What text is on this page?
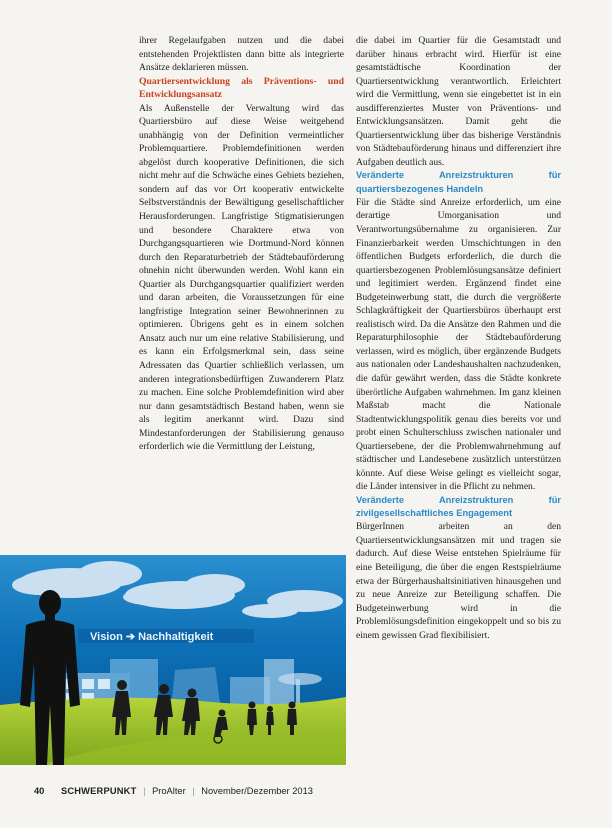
ihrer Regelaufgaben nutzen und die dabei entstehenden Projektlisten dann bitte als integrierte Ansätze deklarieren müssen.

Quartiersentwicklung als Präventions- und Entwicklungsansatz

Als Außenstelle der Verwaltung wird das Quartiersbüro auf diese Weise weitgehend unabhängig von der Definition vermeintlicher Problemquartiere. Problemdefinitionen werden abgelöst durch kooperative Definitionen, die sich nicht mehr auf die Schwäche eines Gebiets beziehen, sondern auf das vor Ort kooperativ entwickelte Selbstverständnis der Bewältigung gesellschaftlicher Herausforderungen. Langfristige Stigmatisierungen und besondere Charaktere etwa von Durchgangsquartieren wie Dortmund-Nord können durch den Reparaturbetrieb der Städtebauförderung ohnehin nicht überwunden werden. Wohl kann ein Quartier als Durchgangsquartier qualifiziert werden und daran arbeiten, die Voraussetzungen für eine langfristige Integration seiner Bewohnerinnen zu optimieren. Übrigens geht es in einem solchen Ansatz auch nur um eine relative Stabilisierung, und es kann ein Erfolgsmerkmal sein, dass seine Adressaten das Quartier schließlich verlassen, um anderen integrationsbedürftigen Zuwanderern Platz zu machen. Eine solche Problemdefinition wird aber nur dann gesamtstädtisch Bestand haben, wenn sie als legitim anerkannt wird. Dazu sind Mindestanforderungen der Stabilisierung genauso erforderlich wie die Vermittlung der Leistung,

die dabei im Quartier für die Gesamtstadt und darüber hinaus erbracht wird. Hierfür ist eine gesamtstädtische Koordination der Quartiersentwicklung verantwortlich. Erleichtert wird die Vermittlung, wenn sie eingebettet ist in ein ausdifferenziertes Muster von Präventions- und Entwicklungsansätzen. Damit geht die Quartiersentwicklung über das bisherige Verständnis von Städtebauförderung hinaus und differenziert ihre Aufgaben deutlich aus.

Veränderte Anreizstrukturen für quartiersbezogenes Handeln

Für die Städte sind Anreize erforderlich, um eine derartige Umorganisation und Verantwortungsübernahme zu organisieren. Zur Finanzierbarkeit werden Umschichtungen in den öffentlichen Budgets erforderlich, die durch die quartiersbezogenen Problemlösungsansätze definiert und legitimiert werden. Ergänzend findet eine Budgeteinwerbung statt, die durch die vergrößerte Schlagkräftigkeit der Quartiersbüros überhaupt erst realistisch wird. Da die Ansätze den Rahmen und die Reparaturphilosophie der Städtebauförderung verlassen, wird es möglich, über ergänzende Budgets aus nationalen oder Landeshaushalten nachzudenken, die dafür gewährt werden, dass die Städte konkrete überörtliche Aufgaben wahrnehmen. Im ganz kleinen Maßstab macht die Nationale Stadtentwicklungspolitik genau dies bereits vor und probt einen Schulterschluss zwischen nationaler und Quartiersebene, der die Problemwahrnehmung auf städtischer und Landesebene zusätzlich unterstützen könnte. Auf diese Weise gelingt es vielleicht sogar, die Länder intensiver in die Pflicht zu nehmen.

Veränderte Anreizstrukturen für zivilgesellschaftliches Engagement

BürgerInnen arbeiten an den Quartiersentwicklungsansätzen mit und tragen sie dadurch. Auf diese Weise entstehen Spielräume für eine Beteiligung, die über die engen Restspielräume etwa der Bürgerhaushaltsinitiativen hinausgehen und zu neue Anreize zur Beteiligung schaffen. Die Budgeteinwerbung wird in die Problemlösungsdefinition eingekoppelt und so bis zu einem gewissen Grad flexibilisiert.

Vision ➔ Nachhaltigkeit
40 SCHWERPUNKT | ProAlter | November/Dezember 2013
